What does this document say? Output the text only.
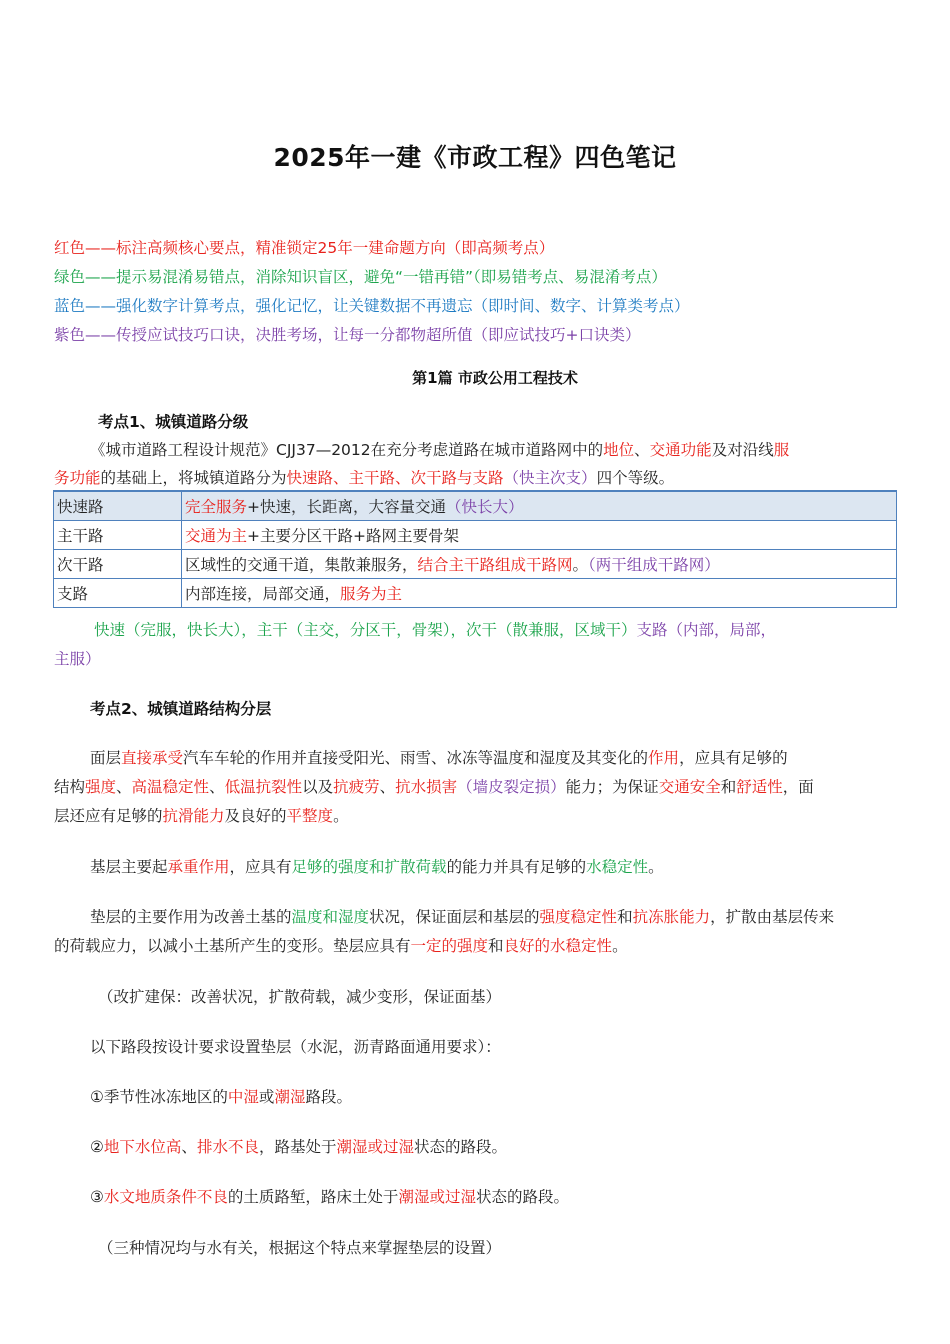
2025年一建《市政工程》四色笔记
红色——标注高频核心要点，精准锁定25年一建命题方向（即高频考点）
绿色——提示易混淆易错点，消除知识盲区，避免“一错再错”（即易错考点、易混淆考点）
蓝色——强化数字计算考点，强化记忆，让关键数据不再遗忘（即时间、数字、计算类考点）
紫色——传授应试技巧口诀，决胜考场，让每一分都物超所值（即应试技巧+口诀类）
第1篇 市政公用工程技术
考点1、城镇道路分级
《城市道路工程设计规范》CJJ37—2012在充分考虑道路在城市道路网中的地位、交通功能及对沿线服
务功能的基础上，将城镇道路分为快速路、主干路、次干路与支路（快主次支）四个等级。
快速路	完全服务+快速，长距离，大容量交通（快长大）
主干路	交通为主+主要分区干路+路网主要骨架
次干路	区域性的交通干道，集散兼服务，结合主干路组成干路网。（两干组成干路网）
支路	内部连接，局部交通，服务为主
快速（完服，快长大），主干（主交，分区干，骨架），次干（散兼服，区域干）支路（内部，局部，
主服）
考点2、城镇道路结构分层
面层直接承受汽车车轮的作用并直接受阳光、雨雪、冰冻等温度和湿度及其变化的作用，应具有足够的
结构强度、高温稳定性、低温抗裂性以及抗疲劳、抗水损害（墙皮裂定损）能力；为保证交通安全和舒适性，面
层还应有足够的抗滑能力及良好的平整度。
基层主要起承重作用，应具有足够的强度和扩散荷载的能力并具有足够的水稳定性。
垫层的主要作用为改善土基的温度和湿度状况，保证面层和基层的强度稳定性和抗冻胀能力，扩散由基层传来
的荷载应力，以减小土基所产生的变形。垫层应具有一定的强度和良好的水稳定性。
（改扩建保：改善状况，扩散荷载，减少变形，保证面基）
以下路段按设计要求设置垫层（水泥，沥青路面通用要求）：
①季节性冰冻地区的中湿或潮湿路段。
②地下水位高、排水不良，路基处于潮湿或过湿状态的路段。
③水文地质条件不良的土质路堑，路床土处于潮湿或过湿状态的路段。
（三种情况均与水有关，根据这个特点来掌握垫层的设置）
